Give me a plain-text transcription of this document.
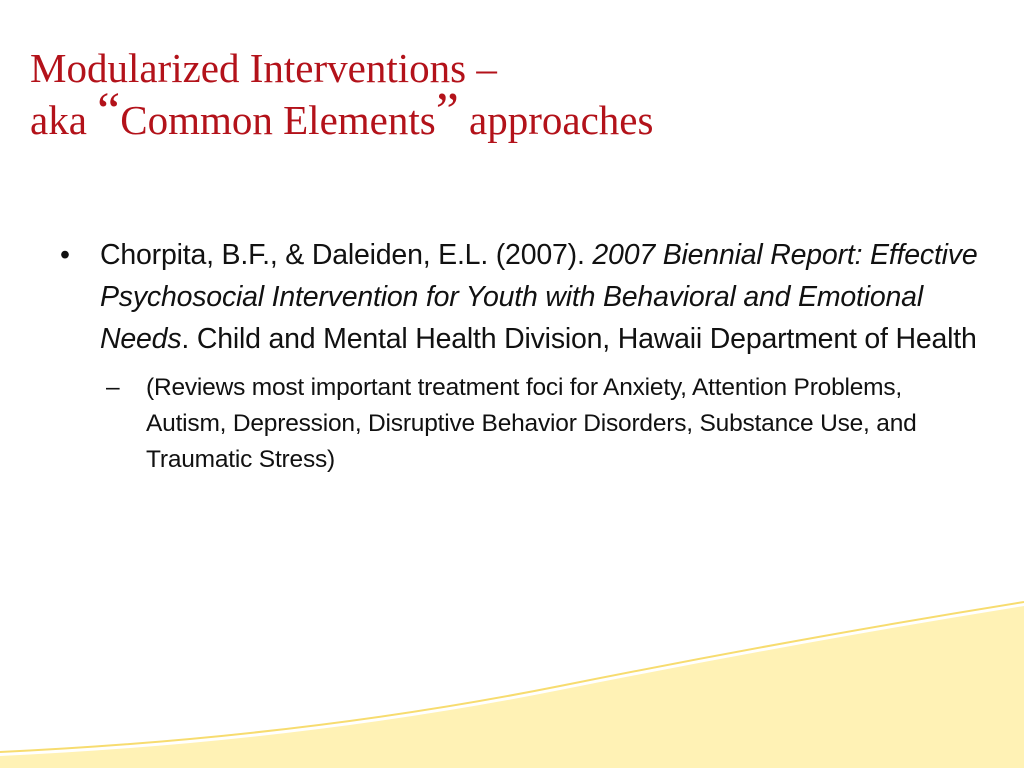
Modularized Interventions –
aka “Common Elements” approaches
• Chorpita, B.F., & Daleiden, E.L. (2007). 2007 Biennial Report: Effective Psychosocial Intervention for Youth with Behavioral and Emotional Needs. Child and Mental Health Division, Hawaii Department of Health
– (Reviews most important treatment foci for Anxiety, Attention Problems, Autism, Depression, Disruptive Behavior Disorders, Substance Use, and Traumatic Stress)
